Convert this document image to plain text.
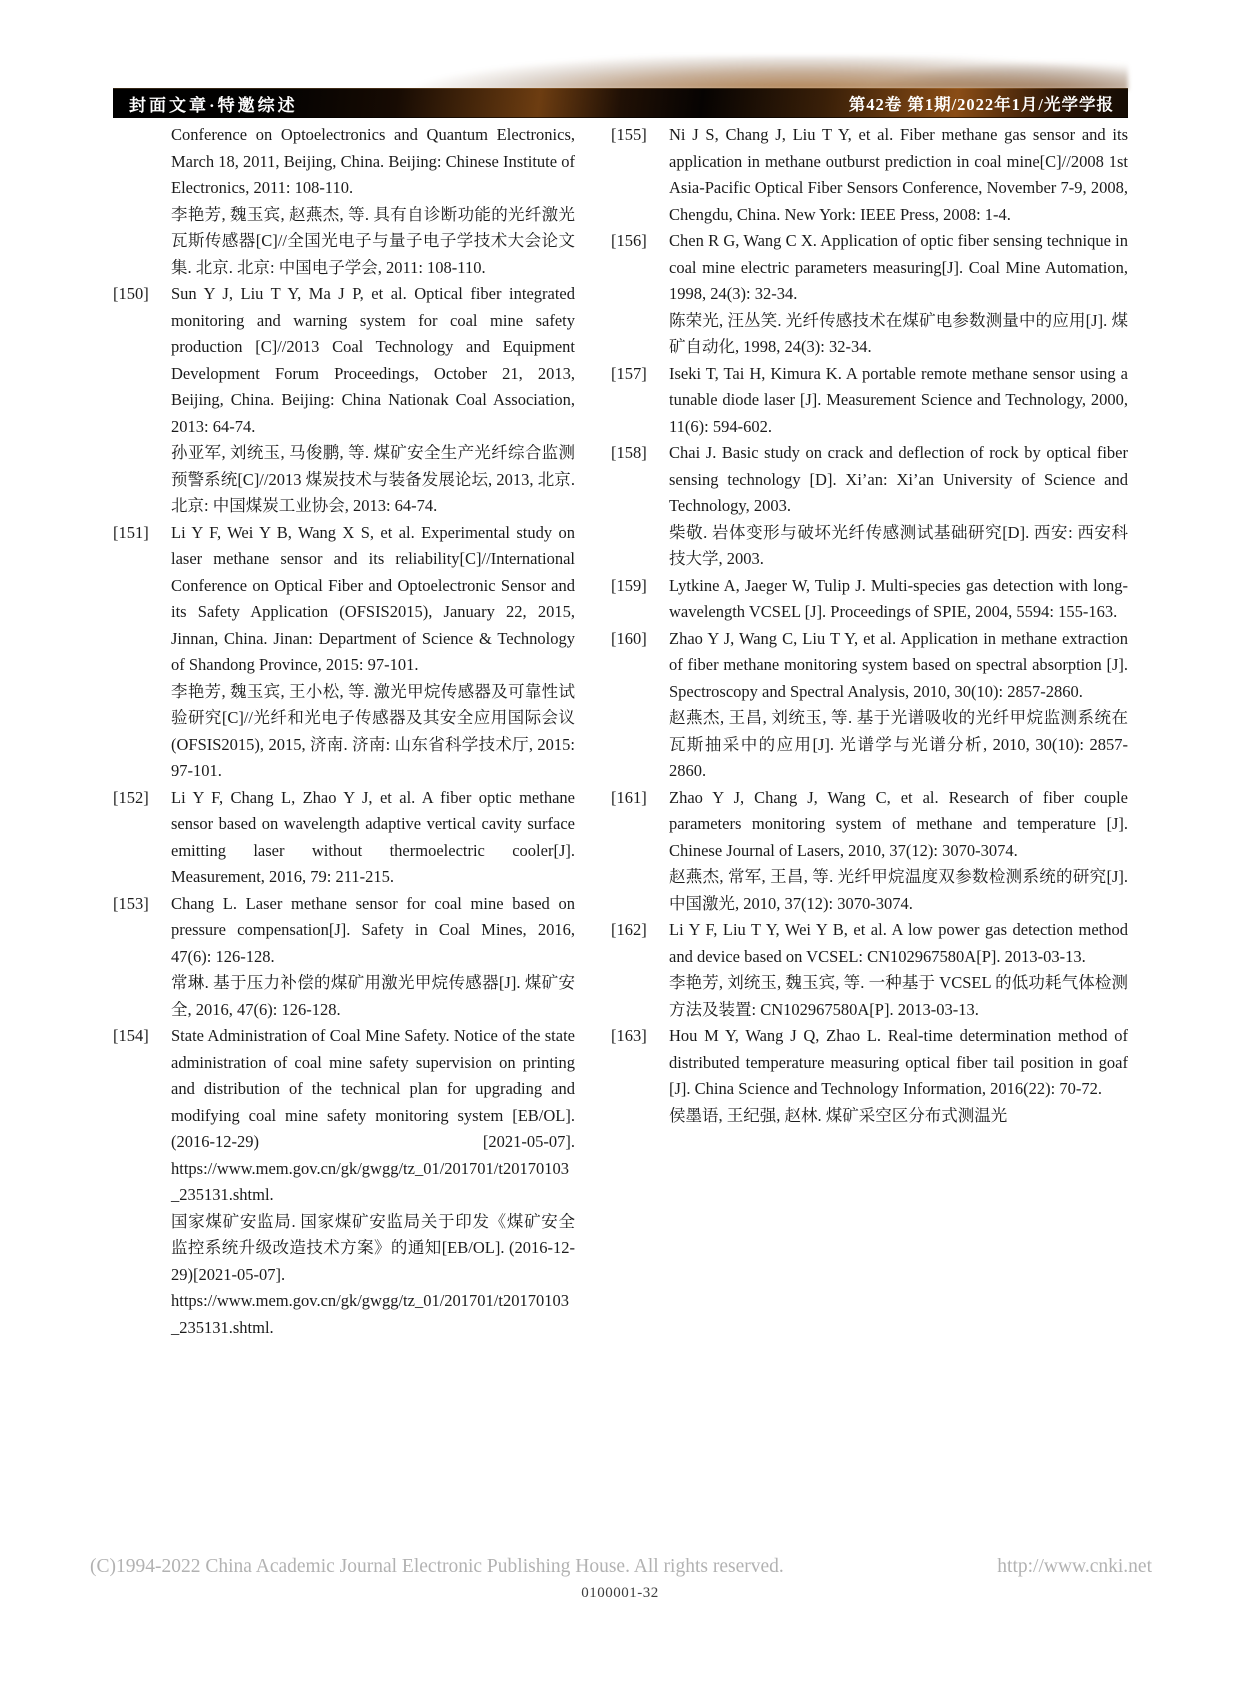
封面文章·特邀综述	第42卷 第1期/2022年1月/光学学报

Conference on Optoelectronics and Quantum Electronics, March 18, 2011, Beijing, China. Beijing: Chinese Institute of Electronics, 2011: 108-110.

李艳芳, 魏玉宾, 赵燕杰, 等. 具有自诊断功能的光纤激光瓦斯传感器[C]//全国光电子与量子电子学技术大会论文集. 北京. 北京: 中国电子学会, 2011: 108-110.

[150] Sun Y J, Liu T Y, Ma J P, et al. Optical fiber integrated monitoring and warning system for coal mine safety production [C]//2013 Coal Technology and Equipment Development Forum Proceedings, October 21, 2013, Beijing, China. Beijing: China Nationak Coal Association, 2013: 64-74.

孙亚军, 刘统玉, 马俊鹏, 等. 煤矿安全生产光纤综合监测预警系统[C]//2013 煤炭技术与装备发展论坛, 2013, 北京. 北京: 中国煤炭工业协会, 2013: 64-74.

[151] Li Y F, Wei Y B, Wang X S, et al. Experimental study on laser methane sensor and its reliability[C]//International Conference on Optical Fiber and Optoelectronic Sensor and its Safety Application (OFSIS2015), January 22, 2015, Jinnan, China. Jinan: Department of Science & Technology of Shandong Province, 2015: 97-101.

李艳芳, 魏玉宾, 王小松, 等. 激光甲烷传感器及可靠性试验研究[C]//光纤和光电子传感器及其安全应用国际会议(OFSIS2015), 2015, 济南. 济南: 山东省科学技术厅, 2015: 97-101.

[152] Li Y F, Chang L, Zhao Y J, et al. A fiber optic methane sensor based on wavelength adaptive vertical cavity surface emitting laser without thermoelectric cooler[J]. Measurement, 2016, 79: 211-215.

[153] Chang L. Laser methane sensor for coal mine based on pressure compensation[J]. Safety in Coal Mines, 2016, 47(6): 126-128.

常琳. 基于压力补偿的煤矿用激光甲烷传感器[J]. 煤矿安全, 2016, 47(6): 126-128.

[154] State Administration of Coal Mine Safety. Notice of the state administration of coal mine safety supervision on printing and distribution of the technical plan for upgrading and modifying coal mine safety monitoring system [EB/OL]. (2016-12-29) [2021-05-07]. https://www.mem.gov.cn/gk/gwgg/tz_01/201701/t20170103_235131.shtml.

国家煤矿安监局. 国家煤矿安监局关于印发《煤矿安全监控系统升级改造技术方案》的通知[EB/OL]. (2016-12-29)[2021-05-07]. https://www.mem.gov.cn/gk/gwgg/tz_01/201701/t20170103_235131.shtml.

[155] Ni J S, Chang J, Liu T Y, et al. Fiber methane gas sensor and its application in methane outburst prediction in coal mine[C]//2008 1st Asia-Pacific Optical Fiber Sensors Conference, November 7-9, 2008, Chengdu, China. New York: IEEE Press, 2008: 1-4.

[156] Chen R G, Wang C X. Application of optic fiber sensing technique in coal mine electric parameters measuring[J]. Coal Mine Automation, 1998, 24(3): 32-34.

陈荣光, 汪丛笑. 光纤传感技术在煤矿电参数测量中的应用[J]. 煤矿自动化, 1998, 24(3): 32-34.

[157] Iseki T, Tai H, Kimura K. A portable remote methane sensor using a tunable diode laser [J]. Measurement Science and Technology, 2000, 11(6): 594-602.

[158] Chai J. Basic study on crack and deflection of rock by optical fiber sensing technology [D]. Xi’an: Xi’an University of Science and Technology, 2003.

柴敬. 岩体变形与破坏光纤传感测试基础研究[D]. 西安: 西安科技大学, 2003.

[159] Lytkine A, Jaeger W, Tulip J. Multi-species gas detection with long-wavelength VCSEL [J]. Proceedings of SPIE, 2004, 5594: 155-163.

[160] Zhao Y J, Wang C, Liu T Y, et al. Application in methane extraction of fiber methane monitoring system based on spectral absorption [J]. Spectroscopy and Spectral Analysis, 2010, 30(10): 2857-2860.

赵燕杰, 王昌, 刘统玉, 等. 基于光谱吸收的光纤甲烷监测系统在瓦斯抽采中的应用[J]. 光谱学与光谱分析, 2010, 30(10): 2857-2860.

[161] Zhao Y J, Chang J, Wang C, et al. Research of fiber couple parameters monitoring system of methane and temperature [J]. Chinese Journal of Lasers, 2010, 37(12): 3070-3074.

赵燕杰, 常军, 王昌, 等. 光纤甲烷温度双参数检测系统的研究[J]. 中国激光, 2010, 37(12): 3070-3074.

[162] Li Y F, Liu T Y, Wei Y B, et al. A low power gas detection method and device based on VCSEL: CN102967580A[P]. 2013-03-13.

李艳芳, 刘统玉, 魏玉宾, 等. 一种基于 VCSEL 的低功耗气体检测方法及装置: CN102967580A[P]. 2013-03-13.

[163] Hou M Y, Wang J Q, Zhao L. Real-time determination method of distributed temperature measuring optical fiber tail position in goaf [J]. China Science and Technology Information, 2016(22): 70-72.

侯墨语, 王纪强, 赵林. 煤矿采空区分布式测温光

(C)1994-2022 China Academic Journal Electronic Publishing House. All rights reserved.	http://www.cnki.net
0100001-32
